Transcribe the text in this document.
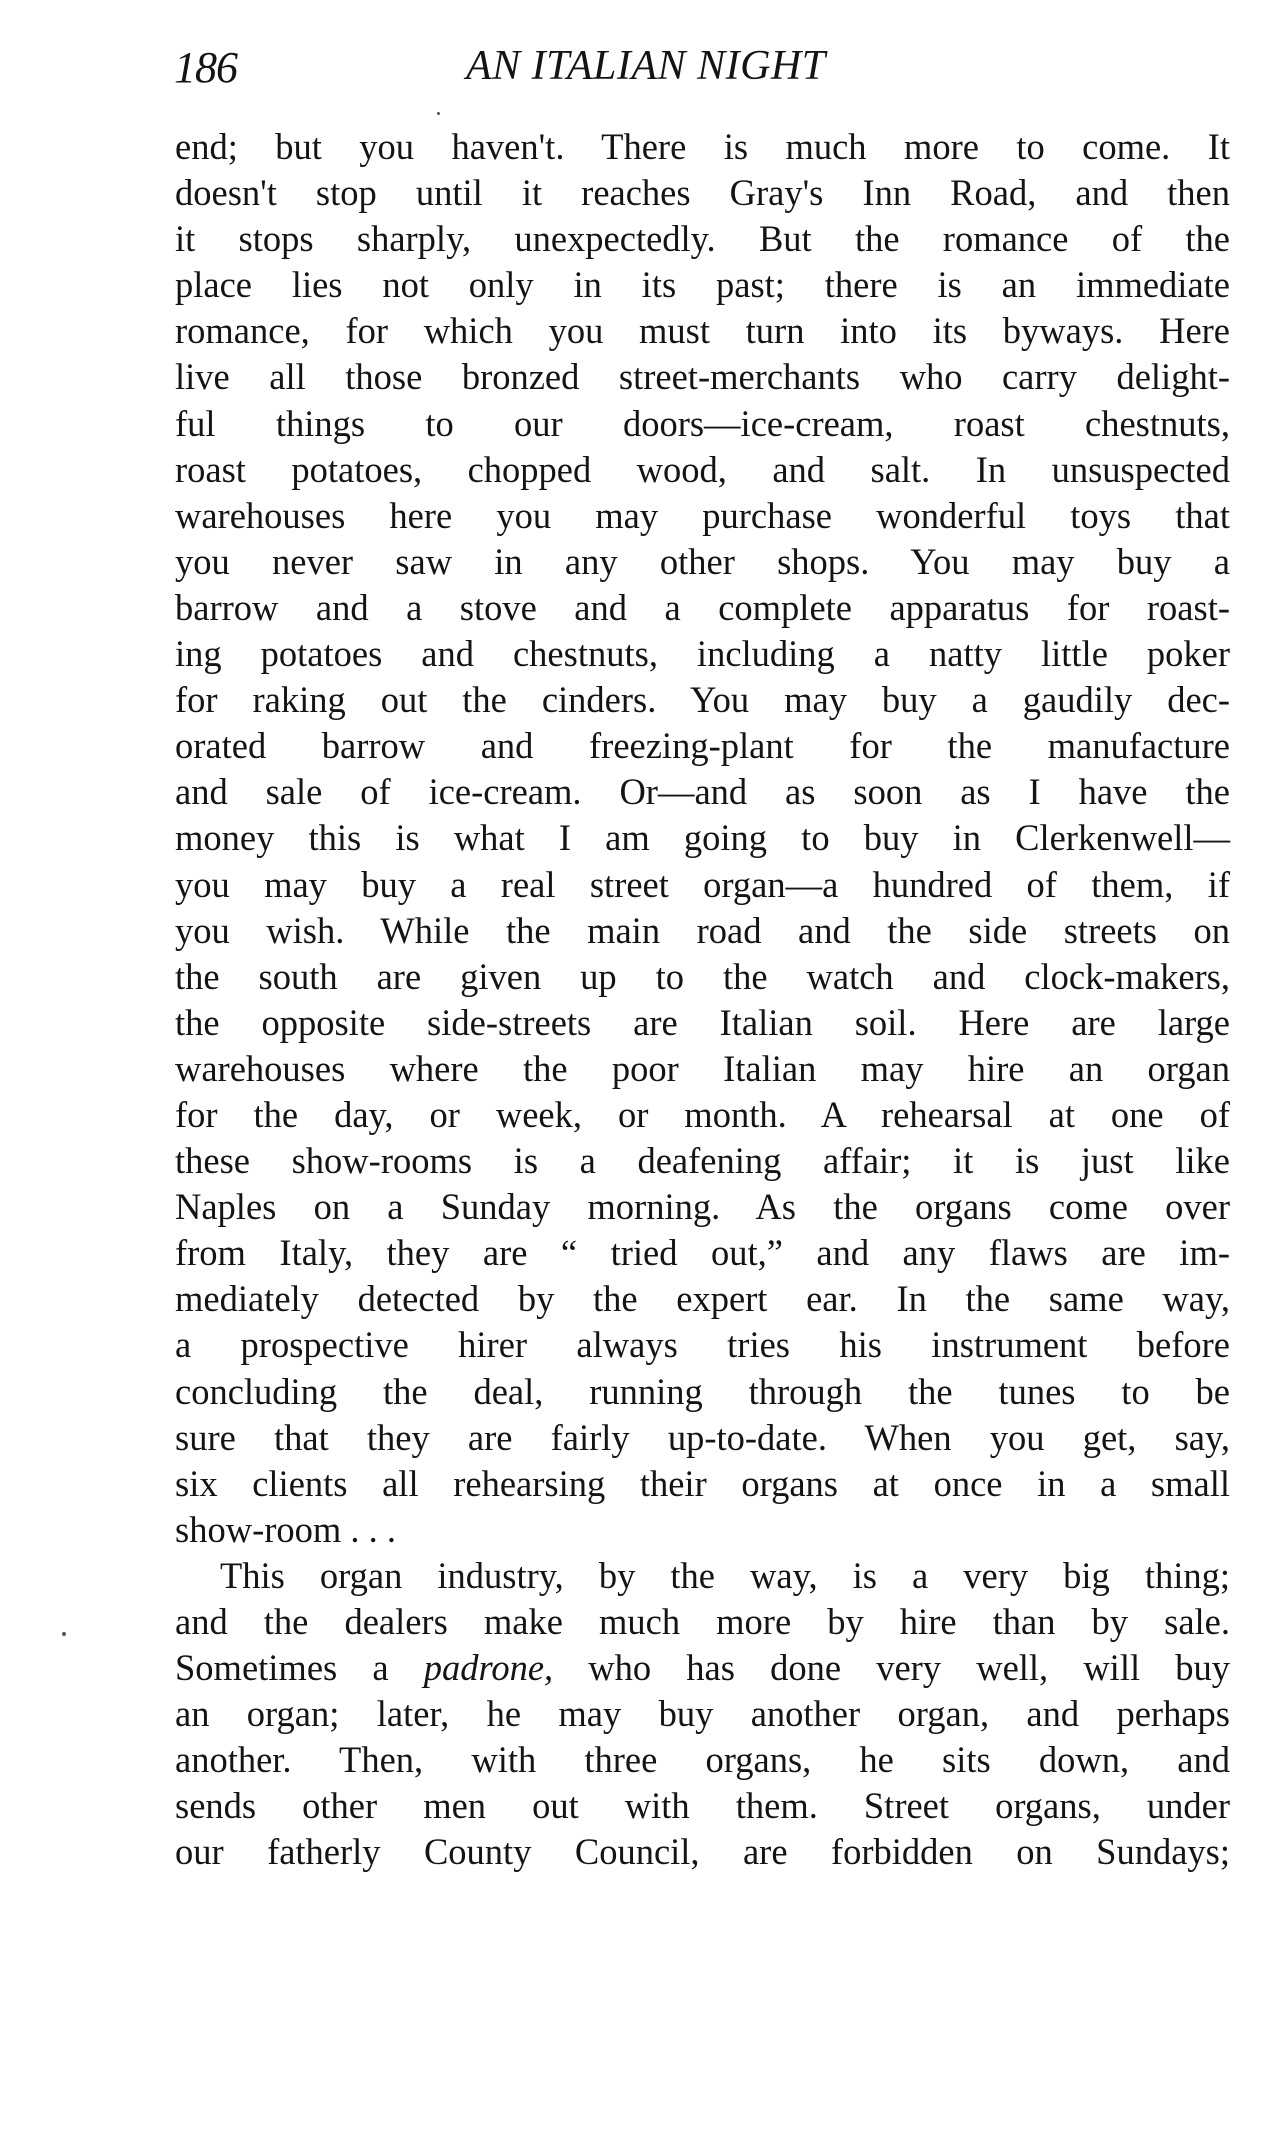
186	AN ITALIAN NIGHT
end; but you haven't. There is much more to come. It
doesn't stop until it reaches Gray's Inn Road, and then
it stops sharply, unexpectedly. But the romance of the
place lies not only in its past; there is an immediate
romance, for which you must turn into its byways. Here
live all those bronzed street-merchants who carry delight-
ful things to our doors—ice-cream, roast chestnuts,
roast potatoes, chopped wood, and salt. In unsuspected
warehouses here you may purchase wonderful toys that
you never saw in any other shops. You may buy a
barrow and a stove and a complete apparatus for roast-
ing potatoes and chestnuts, including a natty little poker
for raking out the cinders. You may buy a gaudily dec-
orated barrow and freezing-plant for the manufacture
and sale of ice-cream. Or—and as soon as I have the
money this is what I am going to buy in Clerkenwell—
you may buy a real street organ—a hundred of them, if
you wish. While the main road and the side streets on
the south are given up to the watch and clock-makers,
the opposite side-streets are Italian soil. Here are large
warehouses where the poor Italian may hire an organ
for the day, or week, or month. A rehearsal at one of
these show-rooms is a deafening affair; it is just like
Naples on a Sunday morning. As the organs come over
from Italy, they are “ tried out,” and any flaws are im-
mediately detected by the expert ear. In the same way,
a prospective hirer always tries his instrument before
concluding the deal, running through the tunes to be
sure that they are fairly up-to-date. When you get, say,
six clients all rehearsing their organs at once in a small
show-room . . .
This organ industry, by the way, is a very big thing;
and the dealers make much more by hire than by sale.
Sometimes a padrone, who has done very well, will buy
an organ; later, he may buy another organ, and perhaps
another. Then, with three organs, he sits down, and
sends other men out with them. Street organs, under
our fatherly County Council, are forbidden on Sundays;
